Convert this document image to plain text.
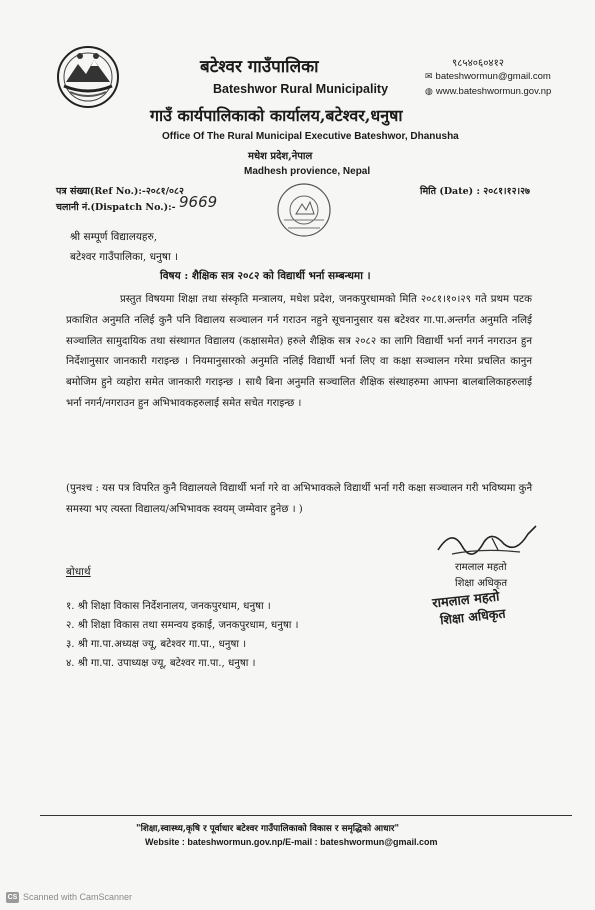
बटेश्वर गाउँपालिका
Bateshwor Rural Municipality
गाउँ कार्यपालिकाको कार्यालय,बटेश्वर,धनुषा
Office Of The Rural Municipal Executive Bateshwor, Dhanusha
मधेश प्रदेश,नेपाल
Madhesh provience, Nepal
९८५४०६०४१२
✉ bateshwormun@gmail.com
◍ www.bateshwormun.gov.np
पत्र संख्या(Ref No.):-२०८१/०८२
चलानी नं.(Dispatch No.):- 9669
मिति (Date) : २०८१।१२।२७
श्री सम्पूर्ण विद्यालयहरु,
बटेश्वर गाउँपालिका, धनुषा ।
विषय : शैक्षिक सत्र २०८२ को विद्यार्थी भर्ना सम्बन्धमा ।
प्रस्तुत विषयमा शिक्षा तथा संस्कृति मन्त्रालय, मधेश प्रदेश, जनकपुरधामको मिति २०८१।१०।२९ गते प्रथम पटक प्रकाशित अनुमति नलिई कुनै पनि विद्यालय सञ्चालन गर्न गराउन नहुने सूचनानुसार यस बटेश्वर गा.पा.अन्तर्गत अनुमति नलिई सञ्चालित सामुदायिक तथा संस्थागत विद्यालय (कक्षासमेत) हरुले शैक्षिक सत्र २०८२ का लागि विद्यार्थी भर्ना नगर्न नगराउन हुन निर्देशानुसार जानकारी गराइन्छ । नियमानुसारको अनुमति नलिई विद्यार्थी भर्ना लिए वा कक्षा सञ्चालन गरेमा प्रचलित कानुन बमोजिम हुने व्यहोरा समेत जानकारी गराइन्छ । साथै बिना अनुमति सञ्चालित शैक्षिक संस्थाहरुमा आफ्ना बालबालिकाहरुलाई भर्ना नगर्न/नगराउन हुन अभिभावकहरुलाई समेत सचेत गराइन्छ ।
(पुनश्च : यस पत्र विपरित कुनै विद्यालयले विद्यार्थी भर्ना गरे वा अभिभावकले विद्यार्थी भर्ना गरी कक्षा सञ्चालन गरी भविष्यमा कुनै समस्या भए त्यस्ता विद्यालय/अभिभावक स्वयम् जम्मेवार हुनेछ । )
रामलाल महतो
शिक्षा अधिकृत
रामलाल महतो
शिक्षा अधिकृत
बोधार्थ
१. श्री शिक्षा विकास निर्देशनालय, जनकपुरधाम, धनुषा ।
२. श्री शिक्षा विकास तथा समन्वय इकाई, जनकपुरधाम, धनुषा ।
३. श्री गा.पा.अध्यक्ष ज्यू, बटेश्वर गा.पा., धनुषा ।
४. श्री गा.पा. उपाध्यक्ष ज्यू, बटेश्वर गा.पा., धनुषा ।
"शिक्षा,स्वास्थ्य,कृषि र पूर्वाधार बटेश्वर गाउँपालिकाको विकास र समृद्धिको आधार"
Website : bateshwormun.gov.np/E-mail : bateshwormun@gmail.com
CS Scanned with CamScanner
